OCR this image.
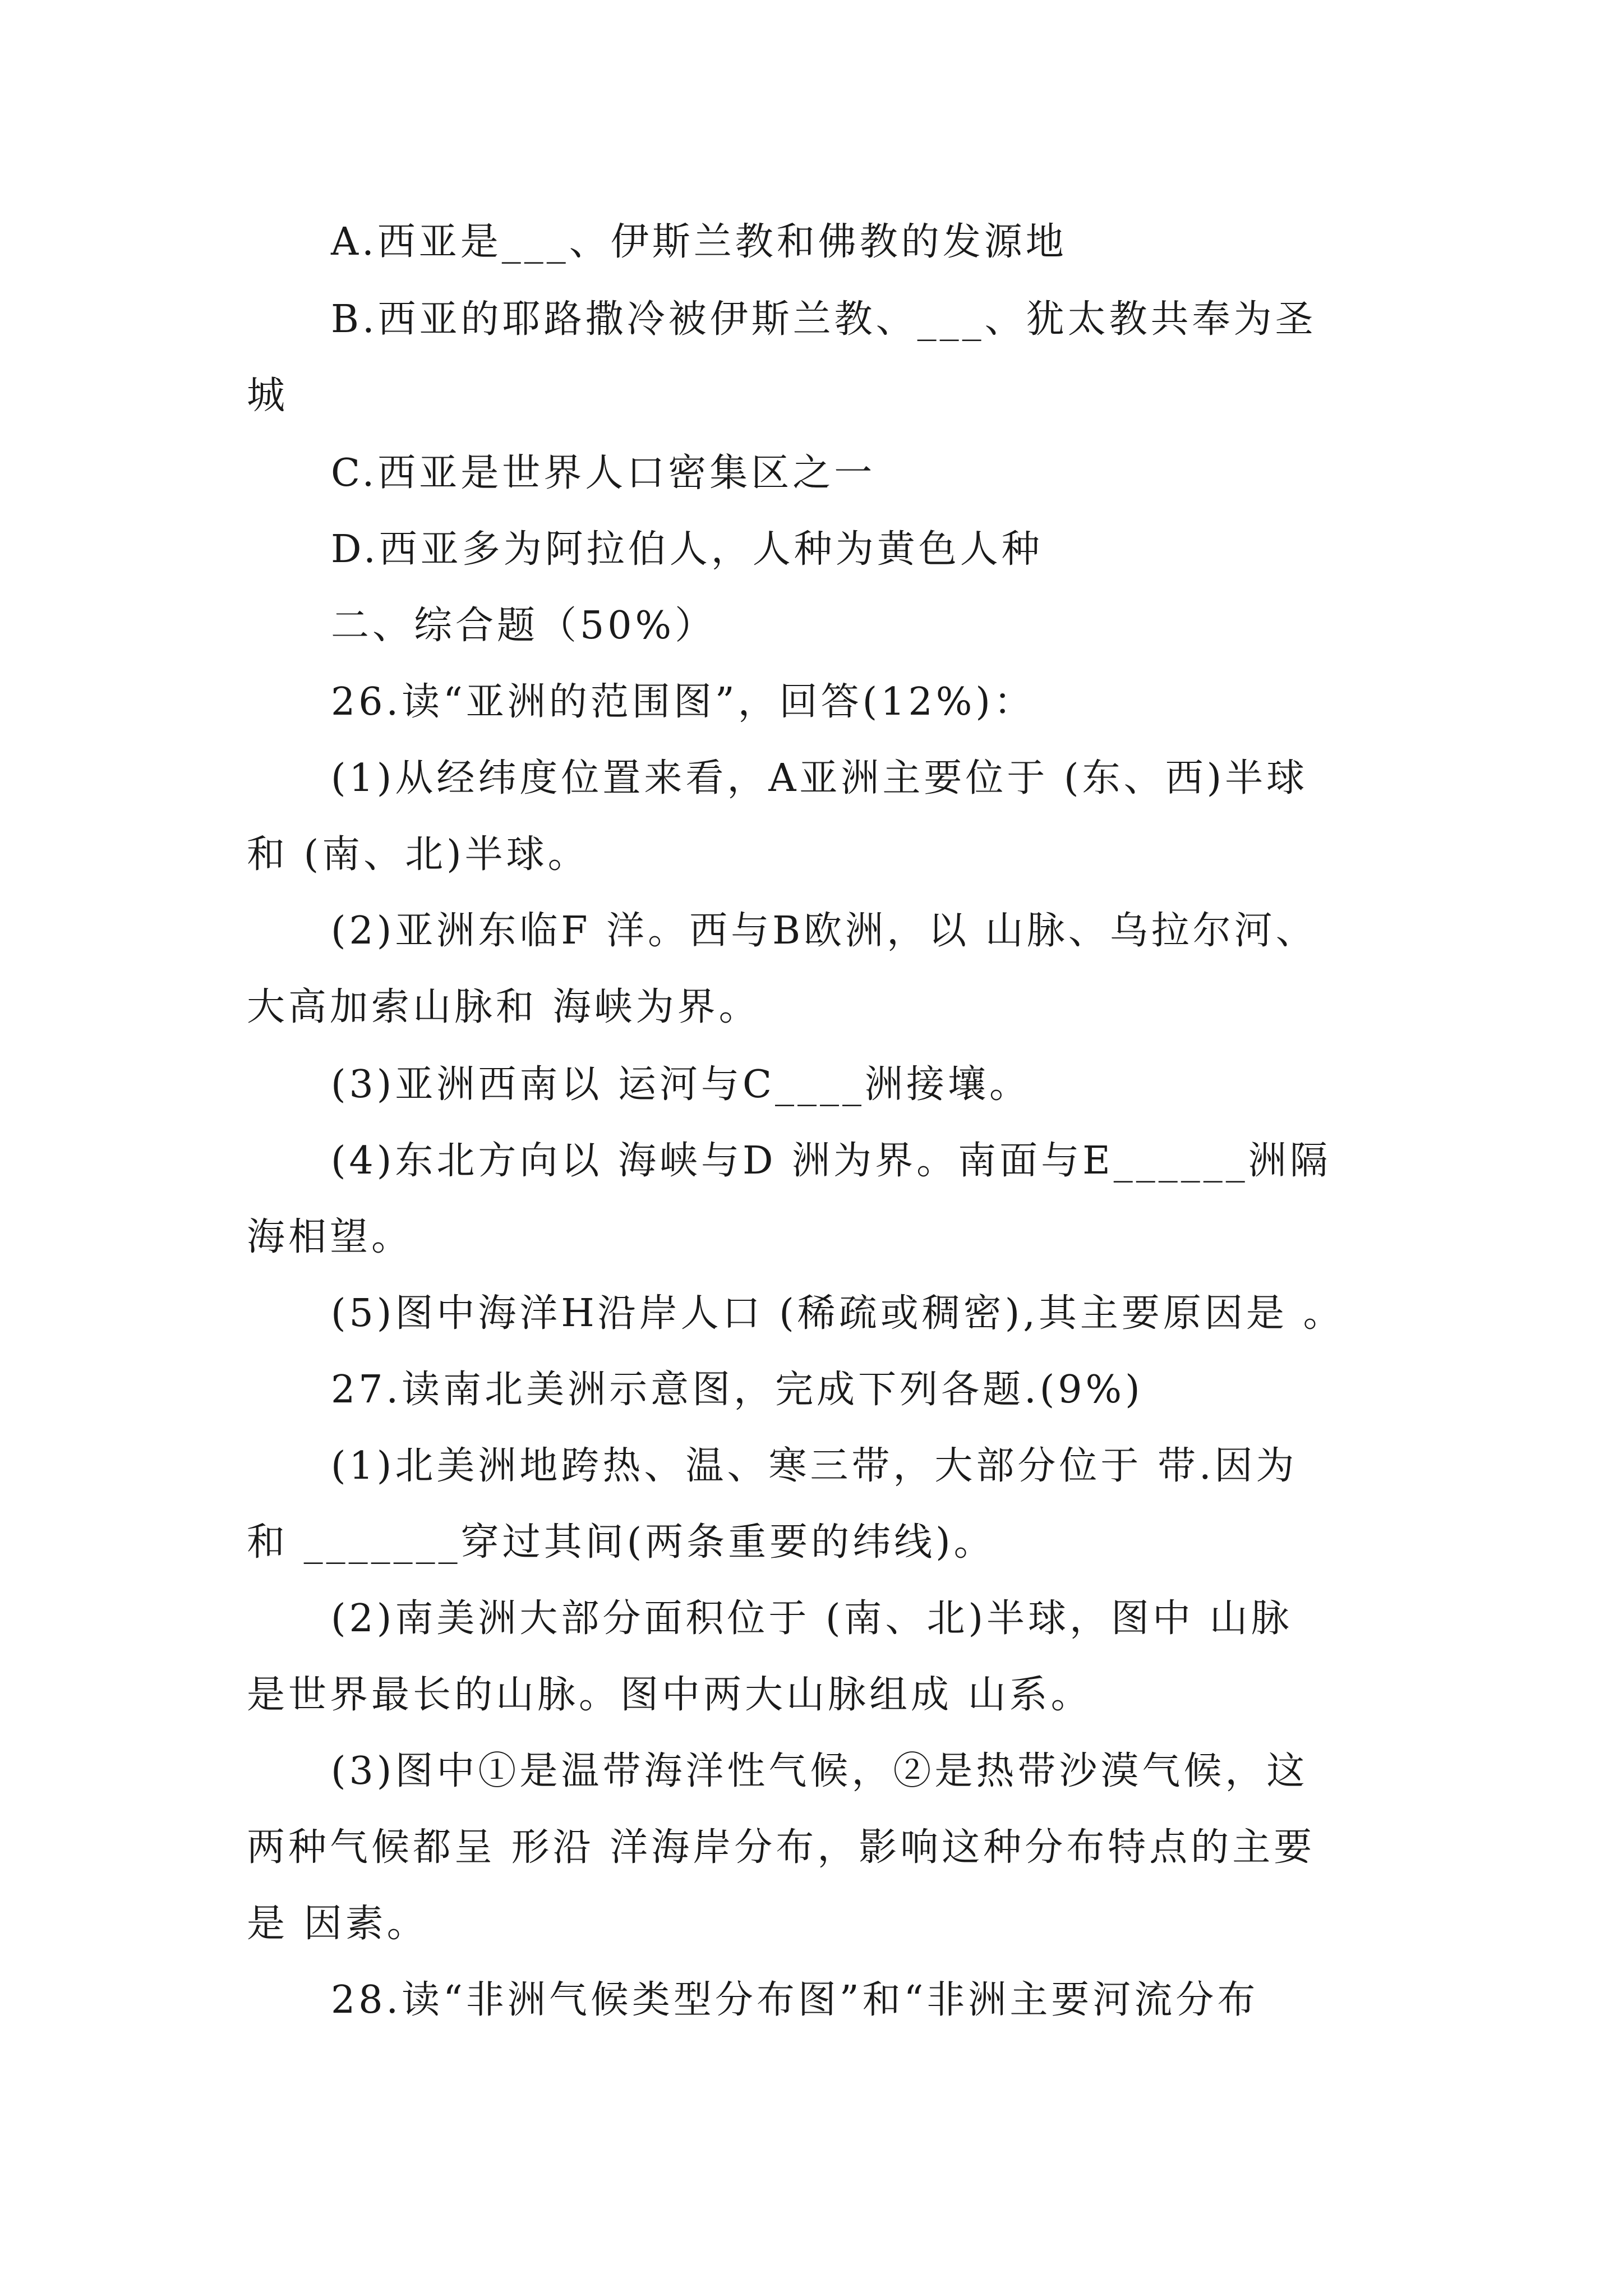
A.西亚是___、伊斯兰教和佛教的发源地
B.西亚的耶路撒冷被伊斯兰教、___、犹太教共奉为圣
城
C.西亚是世界人口密集区之一
D.西亚多为阿拉伯人，人种为黄色人种
二、综合题（50%）
26.读“亚洲的范围图”，回答(12%)：
(1)从经纬度位置来看，A亚洲主要位于 (东、西)半球
和 (南、北)半球。
(2)亚洲东临F 洋。西与B欧洲，以 山脉、乌拉尔河、
大高加索山脉和 海峡为界。
(3)亚洲西南以 运河与C____洲接壤。
(4)东北方向以 海峡与D 洲为界。南面与E______洲隔
海相望。
(5)图中海洋H沿岸人口 (稀疏或稠密),其主要原因是 。
27.读南北美洲示意图，完成下列各题.(9%)
(1)北美洲地跨热、温、寒三带，大部分位于 带.因为
和 _______穿过其间(两条重要的纬线)。
(2)南美洲大部分面积位于 (南、北)半球，图中 山脉
是世界最长的山脉。图中两大山脉组成 山系。
(3)图中①是温带海洋性气候，②是热带沙漠气候，这
两种气候都呈 形沿 洋海岸分布，影响这种分布特点的主要
是 因素。
28.读“非洲气候类型分布图”和“非洲主要河流分布
